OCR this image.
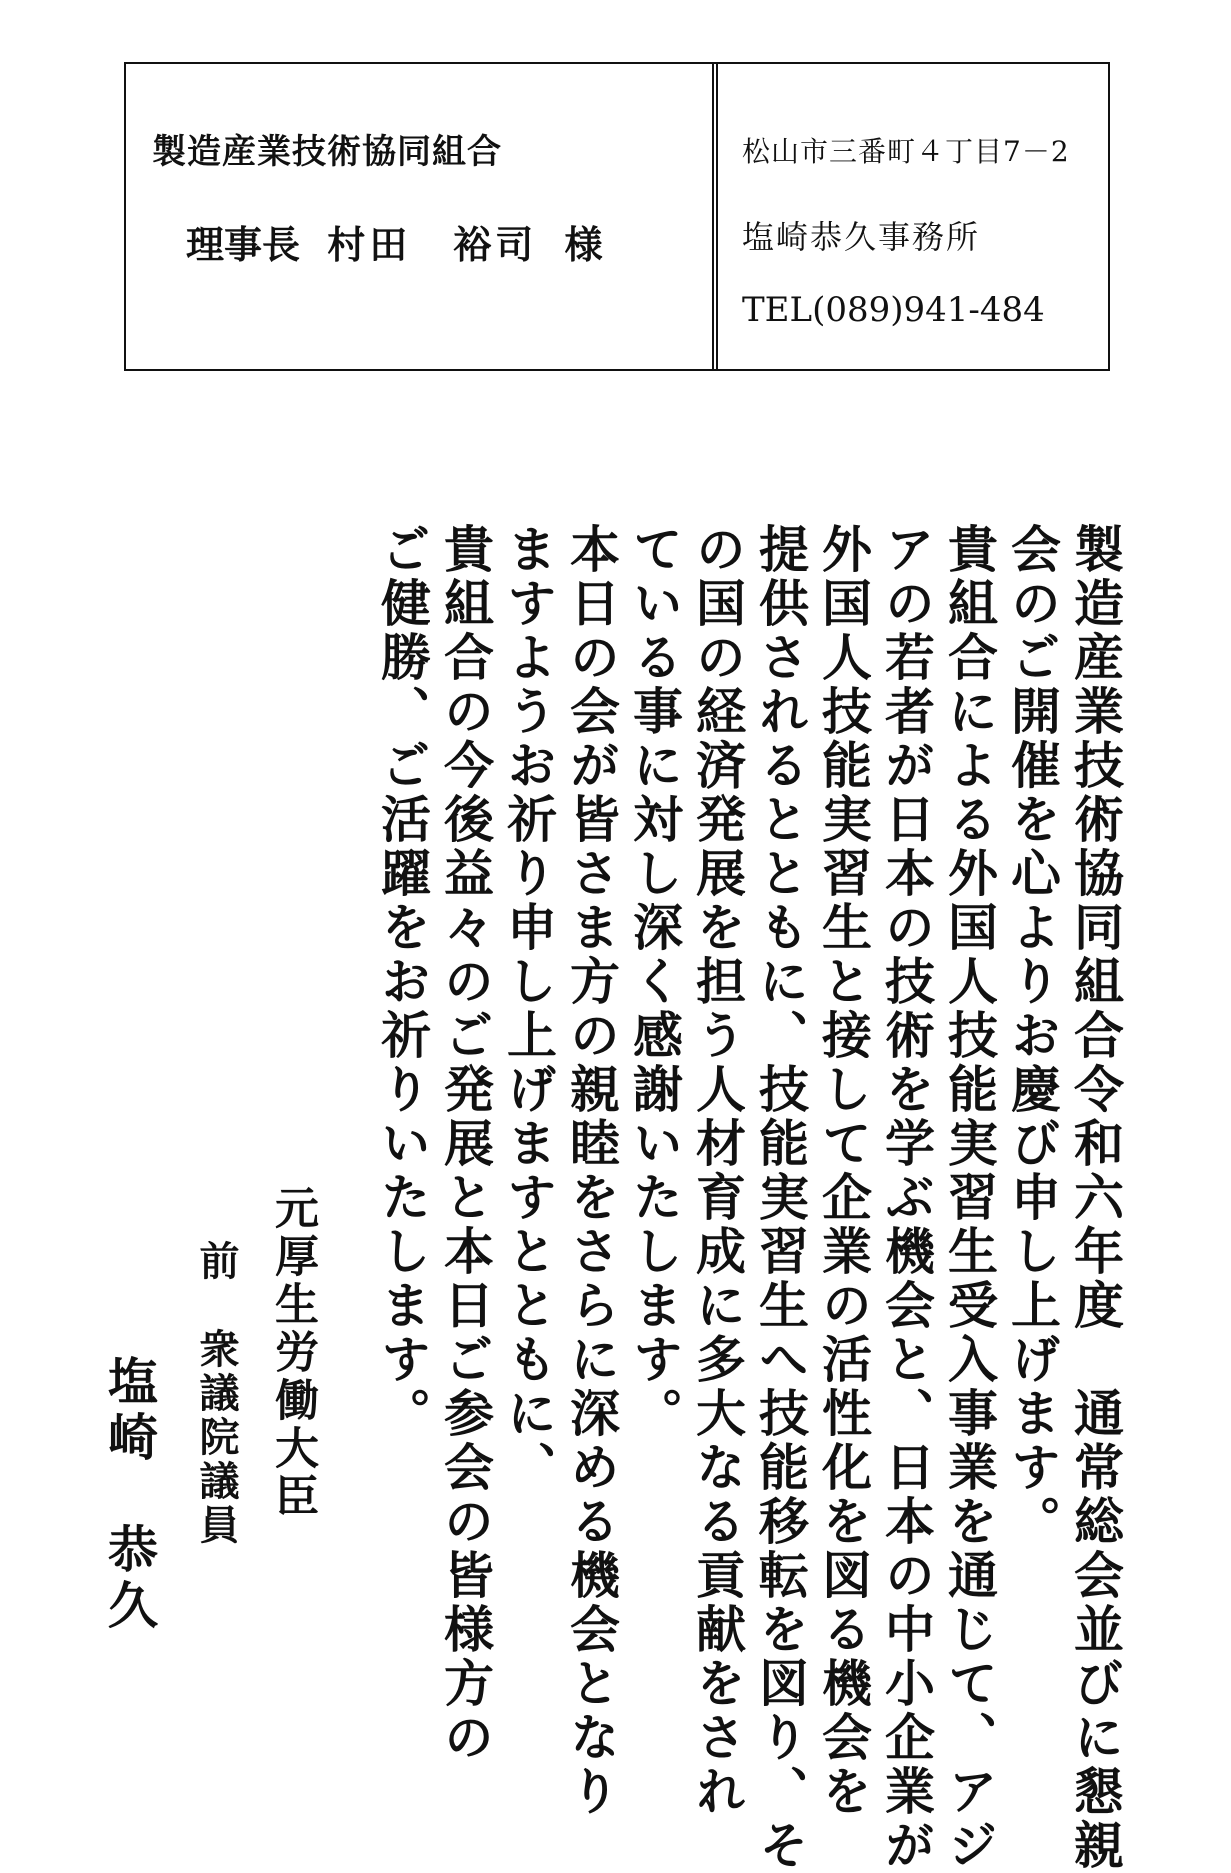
製造産業技術協同組合
理事長 村田　裕司 様
松山市三番町４丁目7－2
塩崎恭久事務所
TEL(089)941-484
製造産業技術協同組合令和六年度　通常総会並びに懇親
会のご開催を心よりお慶び申し上げます。
貴組合による外国人技能実習生受入事業を通じて、アジ
アの若者が日本の技術を学ぶ機会と、日本の中小企業が
外国人技能実習生と接して企業の活性化を図る機会を
提供されるとともに、技能実習生へ技能移転を図り、そ
の国の経済発展を担う人材育成に多大なる貢献をされ
ている事に対し深く感謝いたします。
本日の会が皆さま方の親睦をさらに深める機会となり
ますようお祈り申し上げますとともに、
貴組合の今後益々のご発展と本日ご参会の皆様方の
ご健勝、ご活躍をお祈りいたします。
元厚生労働大臣
前　衆議院議員
塩崎　恭久
